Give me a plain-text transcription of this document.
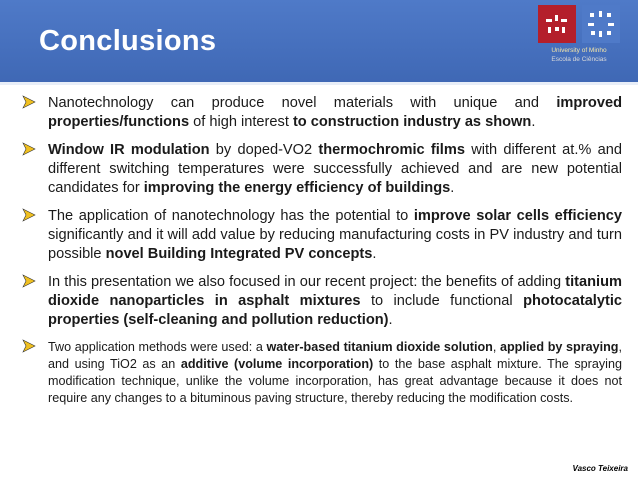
Conclusions	University of Minho
Escola de Ciências
Nanotechnology can produce novel materials with unique and improved properties/functions of high interest to construction industry as shown.
Window IR modulation by doped-VO2 thermochromic films with different at.% and different switching temperatures were successfully achieved and are new potential candidates for improving the energy efficiency of buildings.
The application of nanotechnology has the potential to improve solar cells efficiency significantly and it will add value by reducing manufacturing costs in PV industry and turn possible novel Building Integrated PV concepts.
In this presentation we also focused in our recent project: the benefits of adding titanium dioxide nanoparticles in asphalt mixtures to include functional photocatalytic properties (self-cleaning and pollution reduction).
Two application methods were used: a water-based titanium dioxide solution, applied by spraying, and using TiO2 as an additive (volume incorporation) to the base asphalt mixture. The spraying modification technique, unlike the volume incorporation, has great advantage because it does not require any changes to a bituminous paving structure, thereby reducing the modification costs.
Vasco Teixeira
